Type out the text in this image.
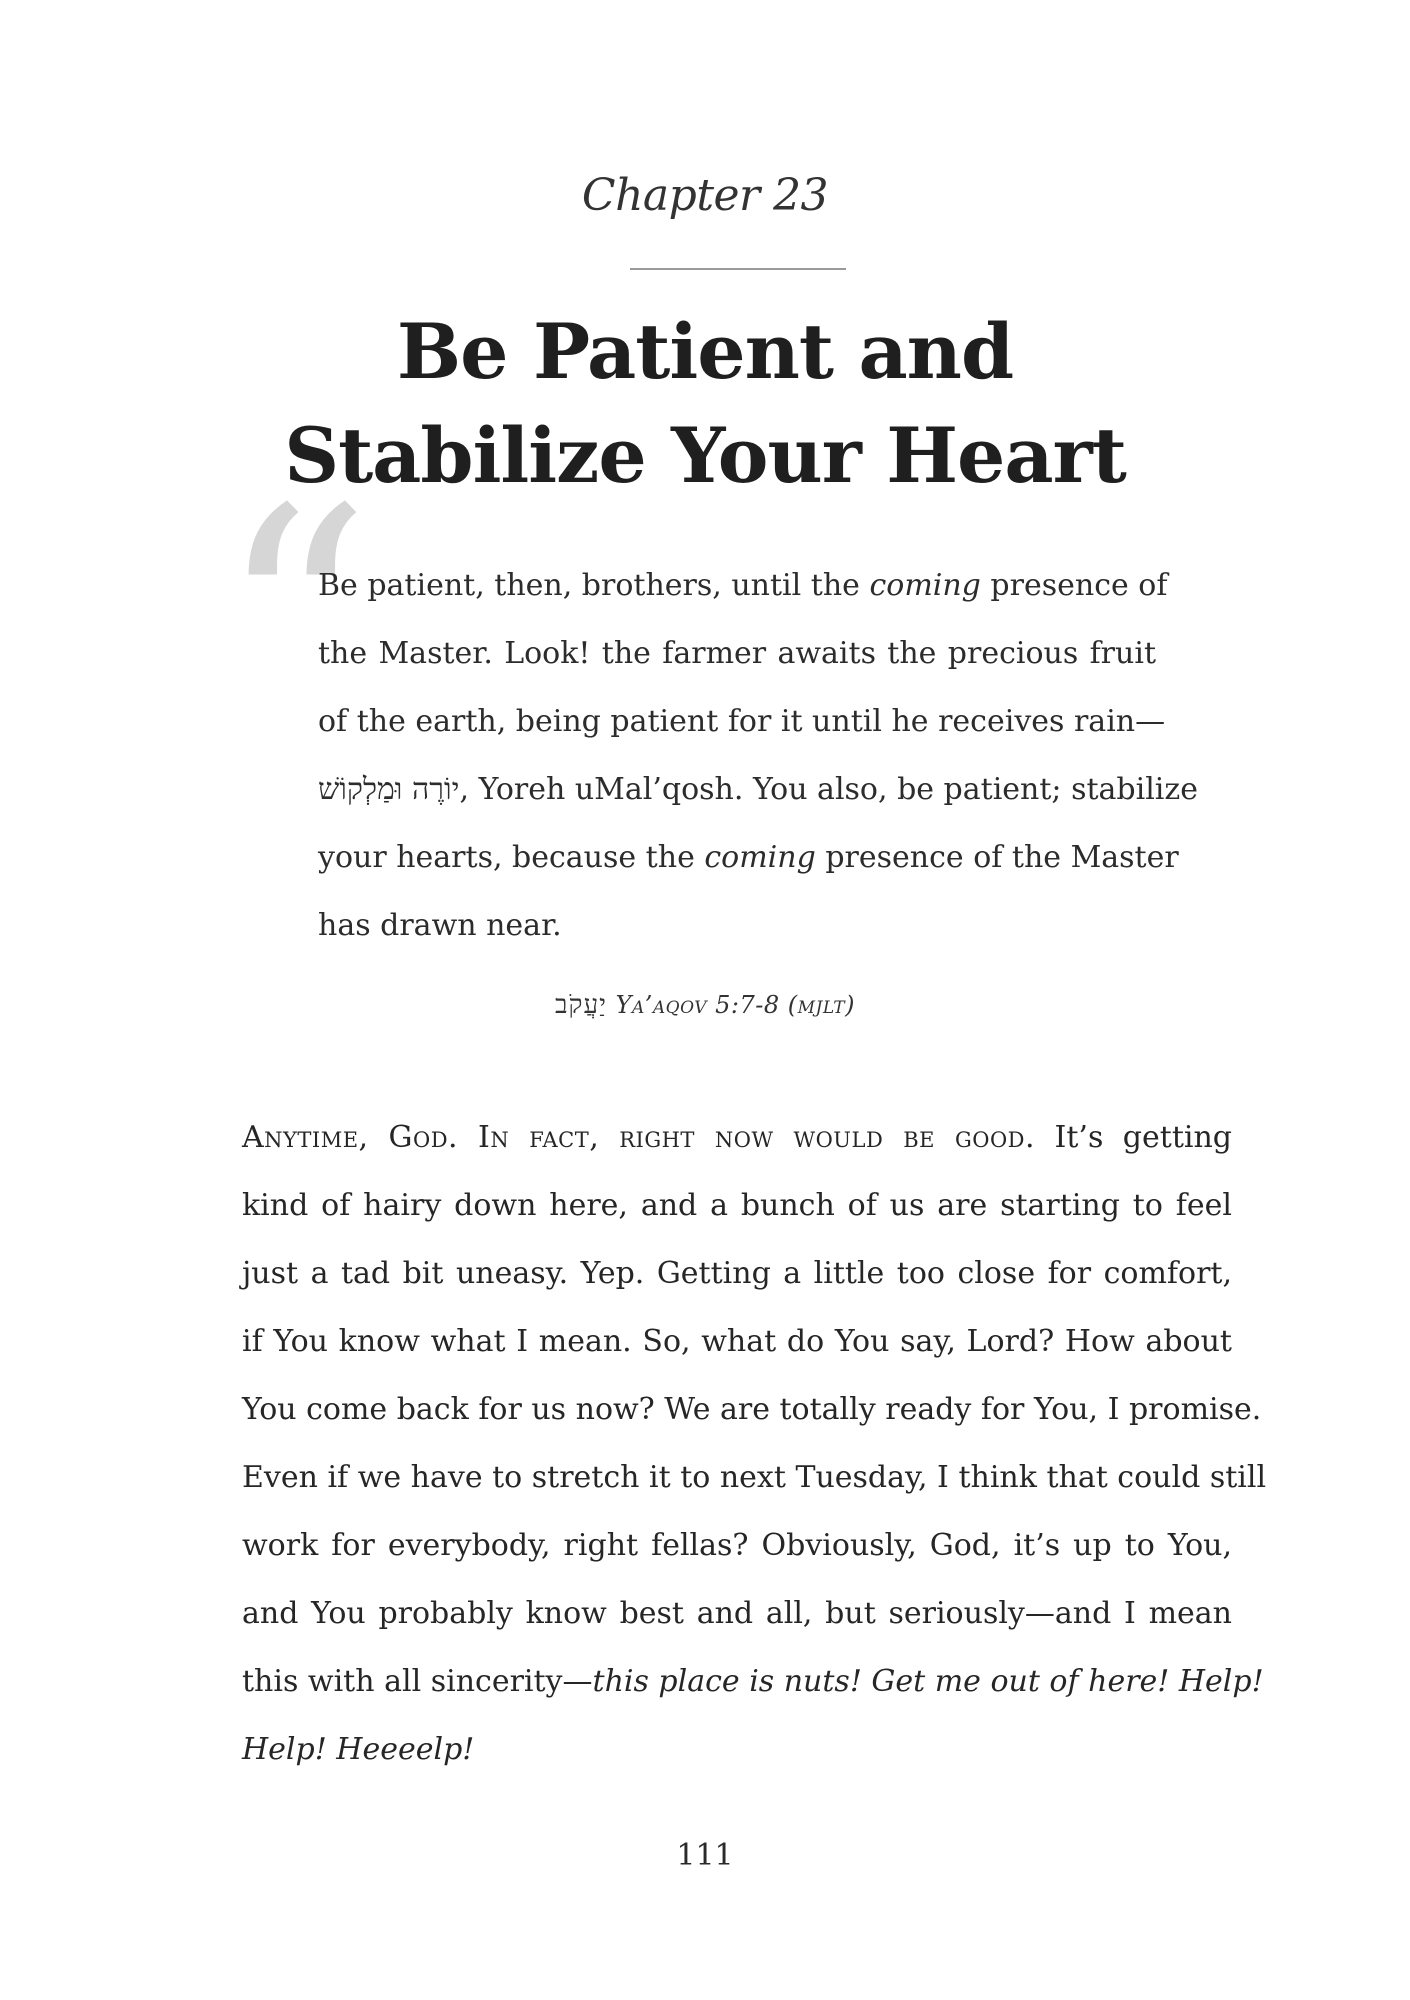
Chapter 23
Be Patient and
Stabilize Your Heart
“
Be patient, then, brothers, until the coming presence of
the Master. Look! the farmer awaits the precious fruit
of the earth, being patient for it until he receives rain—
יוֹרֶה וּמַלְקוֹשׁ, Yoreh uMal’qosh. You also, be patient; stabilize
your hearts, because the coming presence of the Master
has drawn near.
יַעֲקֹב Ya’aqov 5:7-8 (mjlt)
Anytime, God. In fact, right now would be good. It’s getting
kind of hairy down here, and a bunch of us are starting to feel
just a tad bit uneasy. Yep. Getting a little too close for comfort,
if You know what I mean. So, what do You say, Lord? How about
You come back for us now? We are totally ready for You, I promise.
Even if we have to stretch it to next Tuesday, I think that could still
work for everybody, right fellas? Obviously, God, it’s up to You,
and You probably know best and all, but seriously—and I mean
this with all sincerity—this place is nuts! Get me out of here! Help!
Help! Heeeelp!
111
